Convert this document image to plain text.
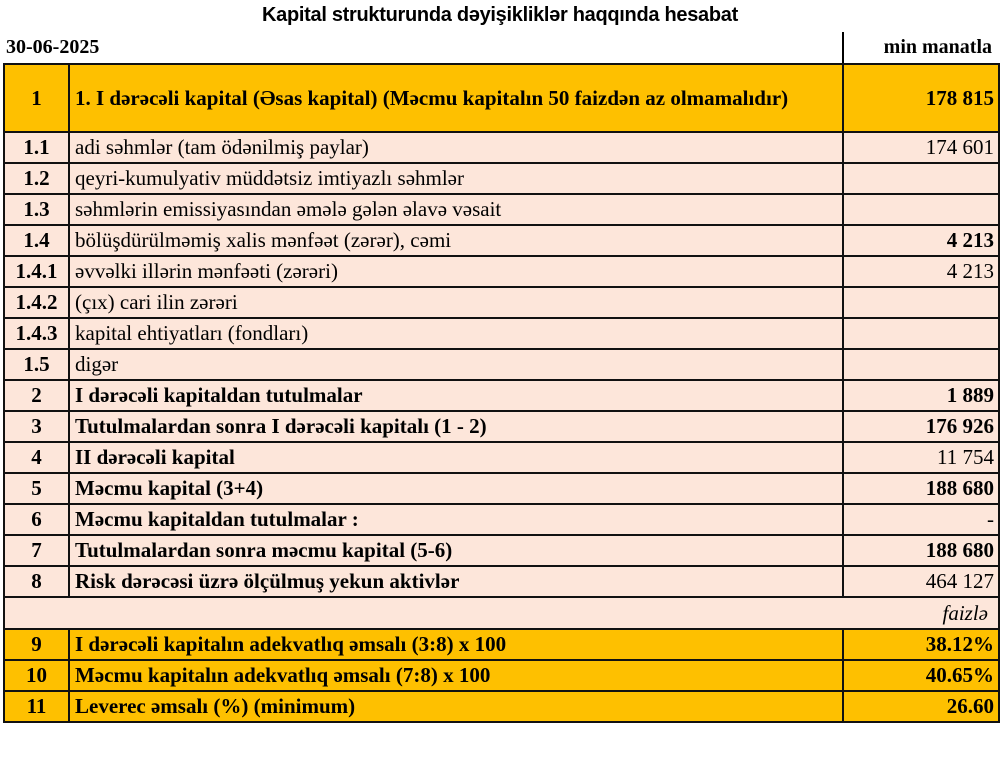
Kapital strukturunda dəyişikliklər haqqında hesabat
30-06-2025	min manatla
1	1. I dərəcəli kapital (Əsas kapital) (Məcmu kapitalın 50 faizdən az olmamalıdır)	178 815
1.1	adi səhmlər (tam ödənilmiş paylar)	174 601
1.2	qeyri-kumulyativ müddətsiz imtiyazlı səhmlər	
1.3	səhmlərin emissiyasından əmələ gələn əlavə vəsait	
1.4	bölüşdürülməmiş xalis mənfəət (zərər), cəmi	4 213
1.4.1	əvvəlki illərin mənfəəti (zərəri)	4 213
1.4.2	(çıx) cari ilin zərəri	
1.4.3	kapital ehtiyatları (fondları)	
1.5	digər	
2	I dərəcəli kapitaldan tutulmalar	1 889
3	Tutulmalardan sonra I dərəcəli kapitalı (1 - 2)	176 926
4	II dərəcəli kapital	11 754
5	Məcmu kapital (3+4)	188 680
6	Məcmu kapitaldan tutulmalar :	-
7	Tutulmalardan sonra məcmu kapital (5-6)	188 680
8	Risk dərəcəsi üzrə ölçülmuş yekun aktivlər	464 127
faizlə		
9	I dərəcəli kapitalın adekvatlıq əmsalı (3:8) x 100	38.12%
10	Məcmu kapitalın adekvatlıq əmsalı (7:8) x 100	40.65%
11	Leverec əmsalı (%) (minimum)	26.60
